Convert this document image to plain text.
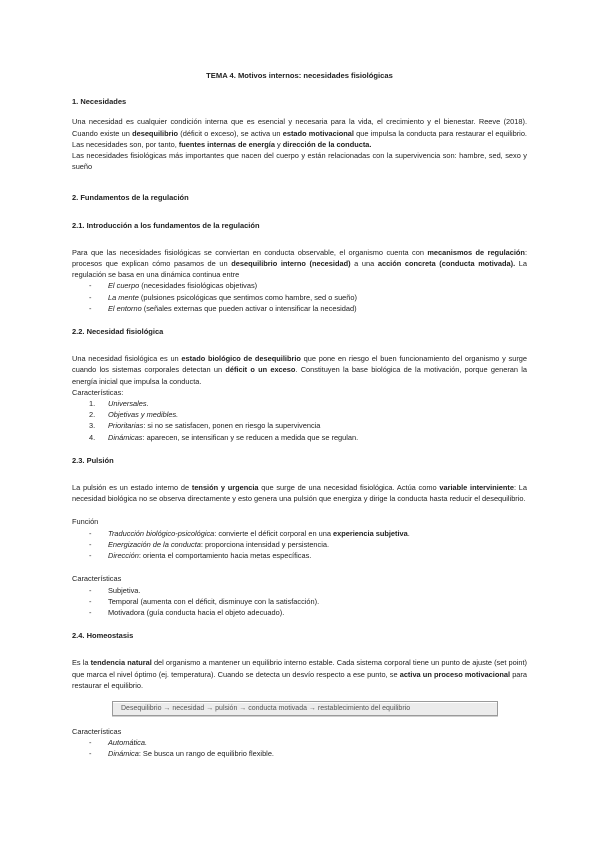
TEMA 4. Motivos internos: necesidades fisiológicas
1. Necesidades

Una necesidad es cualquier condición interna que es esencial y necesaria para la vida, el crecimiento y el bienestar. Reeve (2018). Cuando existe un desequilibrio (déficit o exceso), se activa un estado motivacional que impulsa la conducta para restaurar el equilibrio. Las necesidades son, por tanto, fuentes internas de energía y dirección de la conducta.

Las necesidades fisiológicas más importantes que nacen del cuerpo y están relacionadas con la supervivencia son: hambre, sed, sexo y sueño

2. Fundamentos de la regulación
2.1. Introducción a los fundamentos de la regulación

Para que las necesidades fisiológicas se conviertan en conducta observable, el organismo cuenta con mecanismos de regulación: procesos que explican cómo pasamos de un desequilibrio interno (necesidad) a una acción concreta (conducta motivada). La regulación se basa en una dinámica continua entre

- El cuerpo (necesidades fisiológicas objetivas)
- La mente (pulsiones psicológicas que sentimos como hambre, sed o sueño)
- El entorno (señales externas que pueden activar o intensificar la necesidad)
2.2. Necesidad fisiológica

Una necesidad fisiológica es un estado biológico de desequilibrio que pone en riesgo el buen funcionamiento del organismo y surge cuando los sistemas corporales detectan un déficit o un exceso. Constituyen la base biológica de la motivación, porque generan la energía inicial que impulsa la conducta.

Características:

1. Universales.
2. Objetivas y medibles.
3. Prioritarias: si no se satisfacen, ponen en riesgo la supervivencia
4. Dinámicas: aparecen, se intensifican y se reducen a medida que se regulan.
2.3. Pulsión

La pulsión es un estado interno de tensión y urgencia que surge de una necesidad fisiológica. Actúa como variable interviniente: La necesidad biológica no se observa directamente y esto genera una pulsión que energiza y dirige la conducta hasta reducir el desequilibrio.

Función

- Traducción biológico-psicológica: convierte el déficit corporal en una experiencia subjetiva.
- Energización de la conducta: proporciona intensidad y persistencia.
- Dirección: orienta el comportamiento hacia metas específicas.

Características

- Subjetiva.
- Temporal (aumenta con el déficit, disminuye con la satisfacción).
- Motivadora (guía conducta hacia el objeto adecuado).
2.4. Homeostasis

Es la tendencia natural del organismo a mantener un equilibrio interno estable. Cada sistema corporal tiene un punto de ajuste (set point) que marca el nivel óptimo (ej. temperatura). Cuando se detecta un desvío respecto a ese punto, se activa un proceso motivacional para restaurar el equilibrio.

Desequilibrio → necesidad → pulsión → conducta motivada → restablecimiento del equilibrio

Características

- Automática.
- Dinámica: Se busca un rango de equilibrio flexible.
